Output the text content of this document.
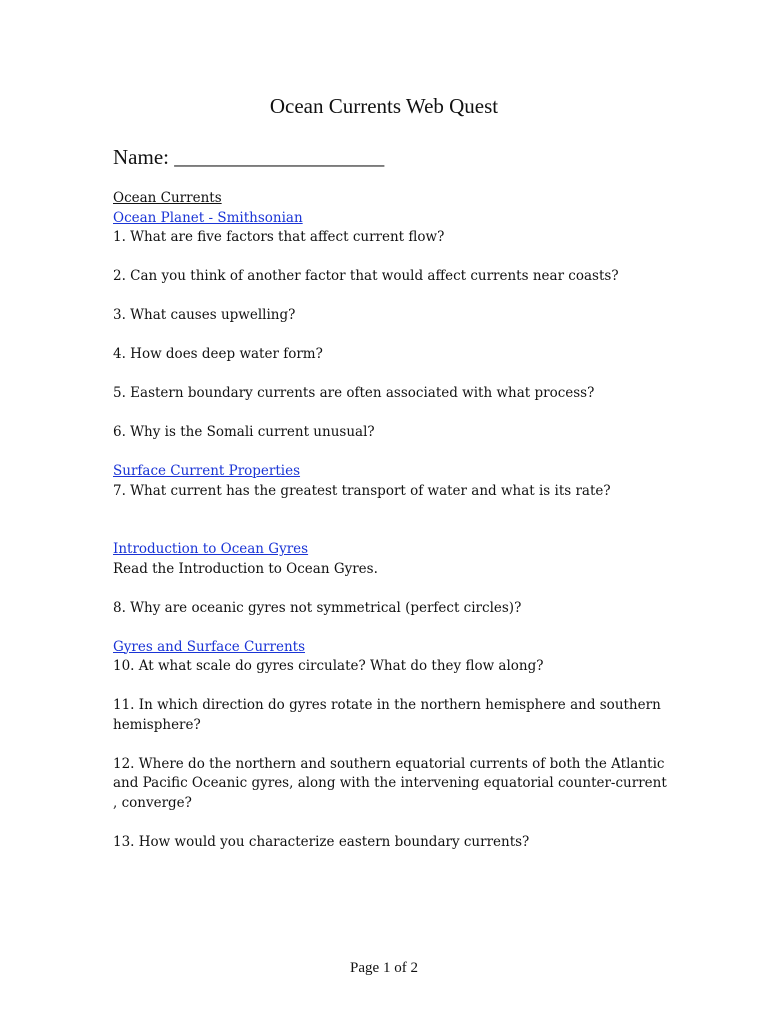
Ocean Currents Web Quest
Name: ____________________
Ocean Currents
Ocean Planet - Smithsonian
1. What are five factors that affect current flow?
2. Can you think of another factor that would affect currents near coasts?
3. What causes upwelling?
4. How does deep water form?
5. Eastern boundary currents are often associated with what process?
6. Why is the Somali current unusual?
Surface Current Properties
7. What current has the greatest transport of water and what is its rate?
Introduction to Ocean Gyres
Read the Introduction to Ocean Gyres.
8. Why are oceanic gyres not symmetrical (perfect circles)?
Gyres and Surface Currents
10. At what scale do gyres circulate? What do they flow along?
11. In which direction do gyres rotate in the northern hemisphere and southern hemisphere?
12. Where do the northern and southern equatorial currents of both the Atlantic and Pacific Oceanic gyres, along with the intervening equatorial counter-current , converge?
13. How would you characterize eastern boundary currents?
Page 1 of 2
